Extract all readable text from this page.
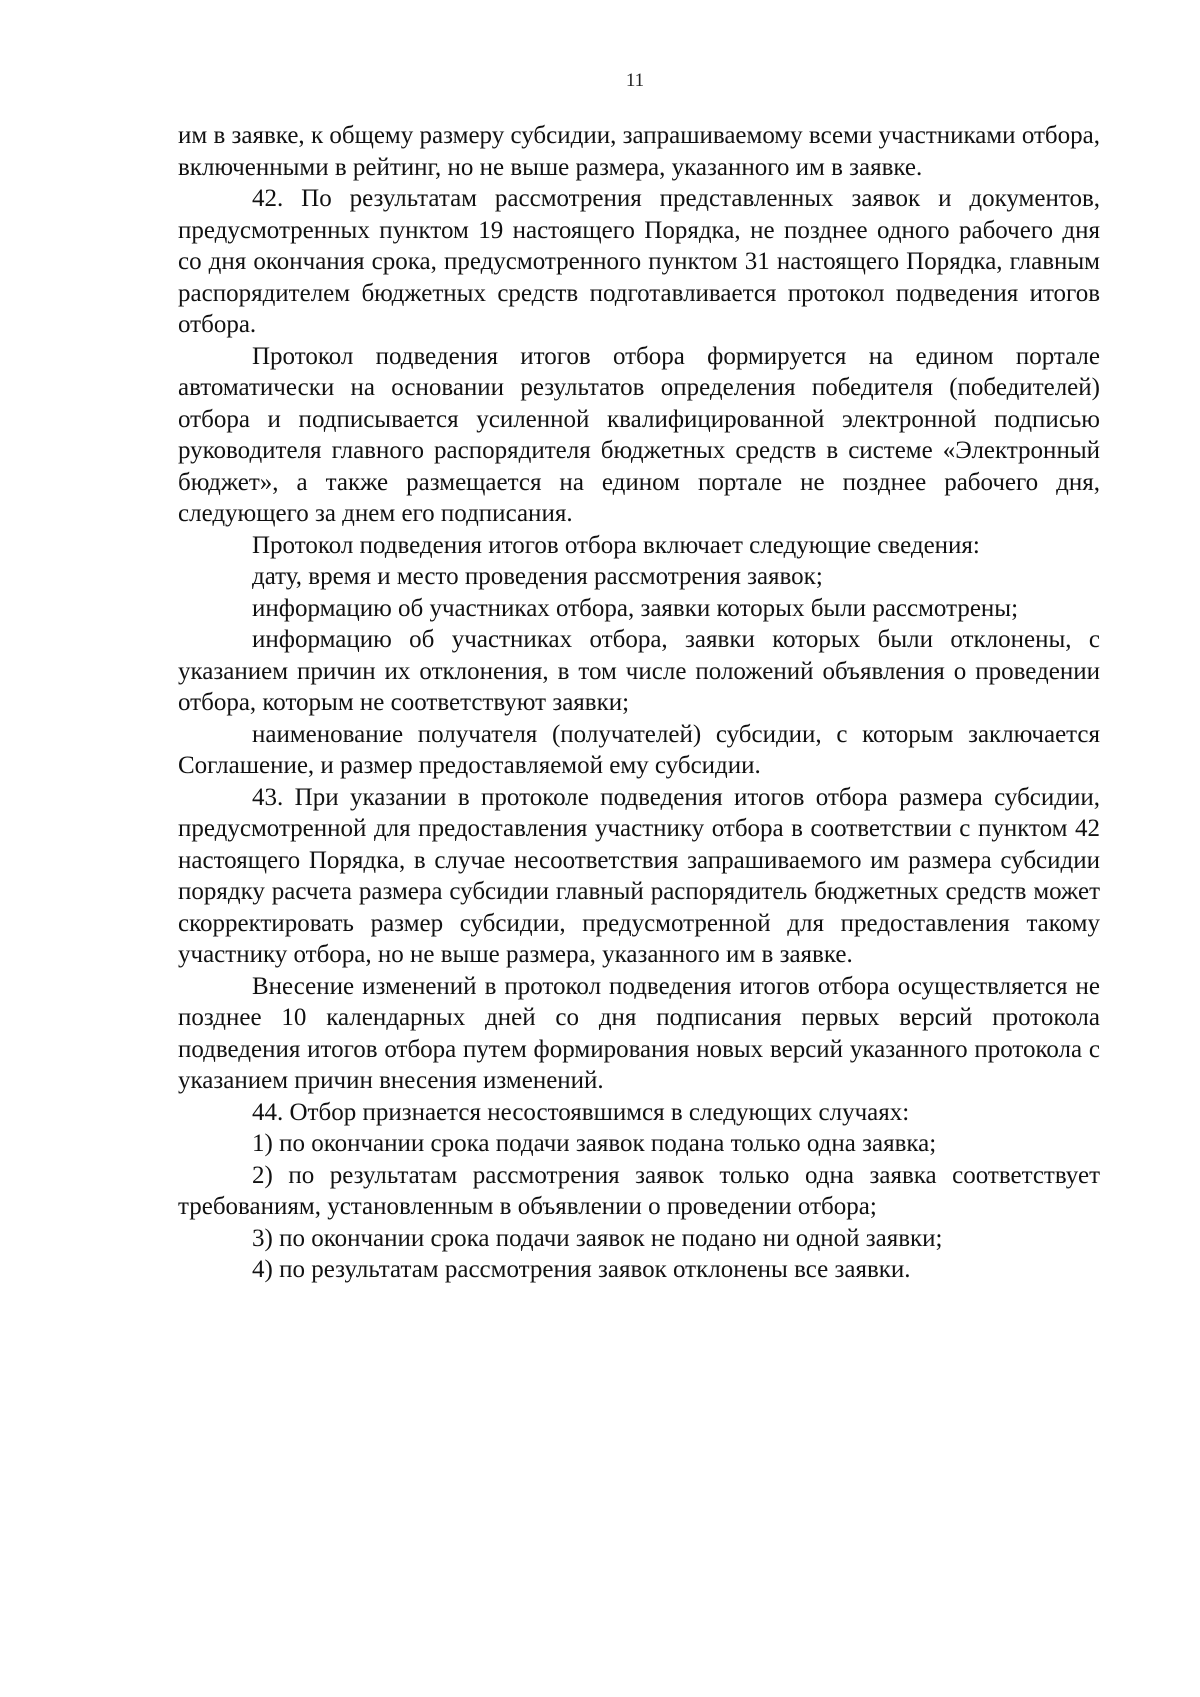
11

им в заявке, к общему размеру субсидии, запрашиваемому всеми участниками отбора, включенными в рейтинг, но не выше размера, указанного им в заявке.

42. По результатам рассмотрения представленных заявок и документов, предусмотренных пунктом 19 настоящего Порядка, не позднее одного рабочего дня со дня окончания срока, предусмотренного пунктом 31 настоящего Порядка, главным распорядителем бюджетных средств подготавливается протокол подведения итогов отбора.

Протокол подведения итогов отбора формируется на едином портале автоматически на основании результатов определения победителя (победителей) отбора и подписывается усиленной квалифицированной электронной подписью руководителя главного распорядителя бюджетных средств в системе «Электронный бюджет», а также размещается на едином портале не позднее рабочего дня, следующего за днем его подписания.

Протокол подведения итогов отбора включает следующие сведения:

дату, время и место проведения рассмотрения заявок;

информацию об участниках отбора, заявки которых были рассмотрены;

информацию об участниках отбора, заявки которых были отклонены, с указанием причин их отклонения, в том числе положений объявления о проведении отбора, которым не соответствуют заявки;

наименование получателя (получателей) субсидии, с которым заключается Соглашение, и размер предоставляемой ему субсидии.

43. При указании в протоколе подведения итогов отбора размера субсидии, предусмотренной для предоставления участнику отбора в соответствии с пунктом 42 настоящего Порядка, в случае несоответствия запрашиваемого им размера субсидии порядку расчета размера субсидии главный распорядитель бюджетных средств может скорректировать размер субсидии, предусмотренной для предоставления такому участнику отбора, но не выше размера, указанного им в заявке.

Внесение изменений в протокол подведения итогов отбора осуществляется не позднее 10 календарных дней со дня подписания первых версий протокола подведения итогов отбора путем формирования новых версий указанного протокола с указанием причин внесения изменений.

44. Отбор признается несостоявшимся в следующих случаях:

1) по окончании срока подачи заявок подана только одна заявка;

2) по результатам рассмотрения заявок только одна заявка соответствует требованиям, установленным в объявлении о проведении отбора;

3) по окончании срока подачи заявок не подано ни одной заявки;

4) по результатам рассмотрения заявок отклонены все заявки.
